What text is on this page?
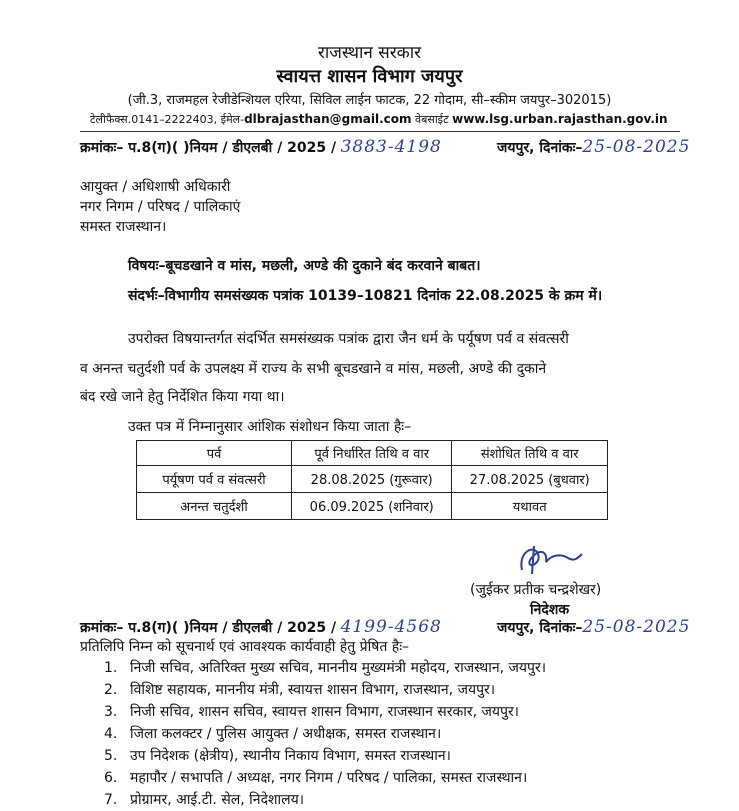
राजस्थान सरकार
स्वायत्त शासन विभाग जयपुर
(जी.3, राजमहल रेजीडेन्शियल एरिया, सिविल लाईन फाटक, 22 गोदाम, सी–स्कीम जयपुर–302015)
टेलीफैक्स.0141–2222403, ईमेल-dlbrajasthan@gmail.com वेबसाईट www.lsg.urban.rajasthan.gov.in
क्रमांकः– प.8(ग)( )नियम / डीएलबी / 2025 / 3883-4198	जयपुर, दिनांकः–25-08-2025
आयुक्त / अधिशाषी अधिकारी
नगर निगम / परिषद / पालिकाएं
समस्त राजस्थान।
विषयः–बूचडखाने व मांस, मछली, अण्डे की दुकाने बंद करवाने बाबत।
संदर्भः–विभागीय समसंख्यक पत्रांक 10139–10821 दिनांक 22.08.2025 के क्रम में।
उपरोक्त विषयान्तर्गत संदर्भित समसंख्यक पत्रांक द्वारा जैन धर्म के पर्यूषण पर्व व संवत्सरी
व अनन्त चतुर्दशी पर्व के उपलक्ष्य में राज्य के सभी बूचडखाने व मांस, मछली, अण्डे की दुकाने
बंद रखे जाने हेतु निर्देशित किया गया था।
उक्त पत्र में निम्नानुसार आंशिक संशोधन किया जाता हैः–
पर्व	पूर्व निर्धारित तिथि व वार	संशोधित तिथि व वार
पर्यूषण पर्व व संवत्सरी	28.08.2025 (गुरूवार)	27.08.2025 (बुधवार)
अनन्त चतुर्दशी	06.09.2025 (शनिवार)	यथावत
(जुईकर प्रतीक चन्द्रशेखर)
निदेशक
क्रमांकः– प.8(ग)( )नियम / डीएलबी / 2025 / 4199-4568	जयपुर, दिनांकः–25-08-2025
प्रतिलिपि निम्न को सूचनार्थ एवं आवश्यक कार्यवाही हेतु प्रेषित हैः–
1. निजी सचिव, अतिरिक्त मुख्य सचिव, माननीय मुख्यमंत्री महोदय, राजस्थान, जयपुर।
2. विशिष्ट सहायक, माननीय मंत्री, स्वायत्त शासन विभाग, राजस्थान, जयपुर।
3. निजी सचिव, शासन सचिव, स्वायत्त शासन विभाग, राजस्थान सरकार, जयपुर।
4. जिला कलक्टर / पुलिस आयुक्त / अधीक्षक, समस्त राजस्थान।
5. उप निदेशक (क्षेत्रीय), स्थानीय निकाय विभाग, समस्त राजस्थान।
6. महापौर / सभापति / अध्यक्ष, नगर निगम / परिषद / पालिका, समस्त राजस्थान।
7. प्रोग्रामर, आई.टी. सेल, निदेशालय।
